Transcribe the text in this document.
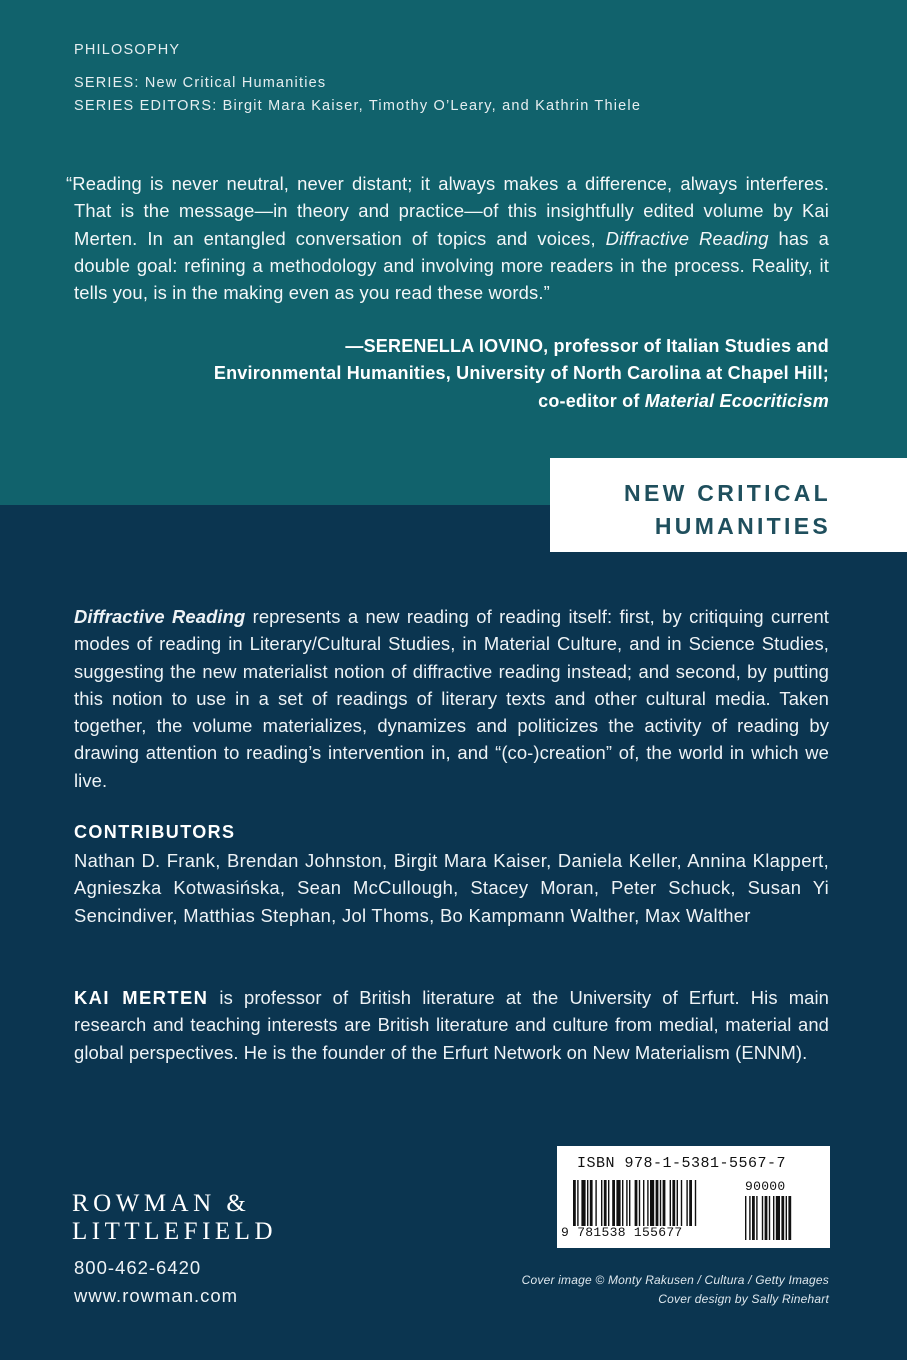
PHILOSOPHY
SERIES: New Critical Humanities
SERIES EDITORS: Birgit Mara Kaiser, Timothy O’Leary, and Kathrin Thiele
“Reading is never neutral, never distant; it always makes a difference, always interferes. That is the message—in theory and practice—of this insightfully edited volume by Kai Merten. In an entangled conversation of topics and voices, Diffractive Reading has a double goal: refining a methodology and involving more readers in the process. Reality, it tells you, is in the making even as you read these words.”
—SERENELLA IOVINO, professor of Italian Studies and
Environmental Humanities, University of North Carolina at Chapel Hill;
co-editor of Material Ecocriticism
NEW CRITICAL
HUMANITIES
Diffractive Reading represents a new reading of reading itself: first, by critiquing current modes of reading in Literary/Cultural Studies, in Material Culture, and in Science Studies, suggesting the new materialist notion of diffractive reading instead; and second, by putting this notion to use in a set of readings of literary texts and other cultural media. Taken together, the volume materializes, dynamizes and politicizes the activity of reading by drawing attention to reading’s intervention in, and “(co-)creation” of, the world in which we live.
CONTRIBUTORS
Nathan D. Frank, Brendan Johnston, Birgit Mara Kaiser, Daniela Keller, Annina Klappert, Agnieszka Kotwasińska, Sean McCullough, Stacey Moran, Peter Schuck, Susan Yi Sencindiver, Matthias Stephan, Jol Thoms, Bo Kampmann Walther, Max Walther
KAI MERTEN is professor of British literature at the University of Erfurt. His main research and teaching interests are British literature and culture from medial, material and global perspectives. He is the founder of the Erfurt Network on New Materialism (ENNM).
ROWMAN &
LITTLEFIELD
800-462-6420
www.rowman.com
ISBN 978-1-5381-5567-7
90000
9 781538 155677
Cover image © Monty Rakusen / Cultura / Getty Images
Cover design by Sally Rinehart
